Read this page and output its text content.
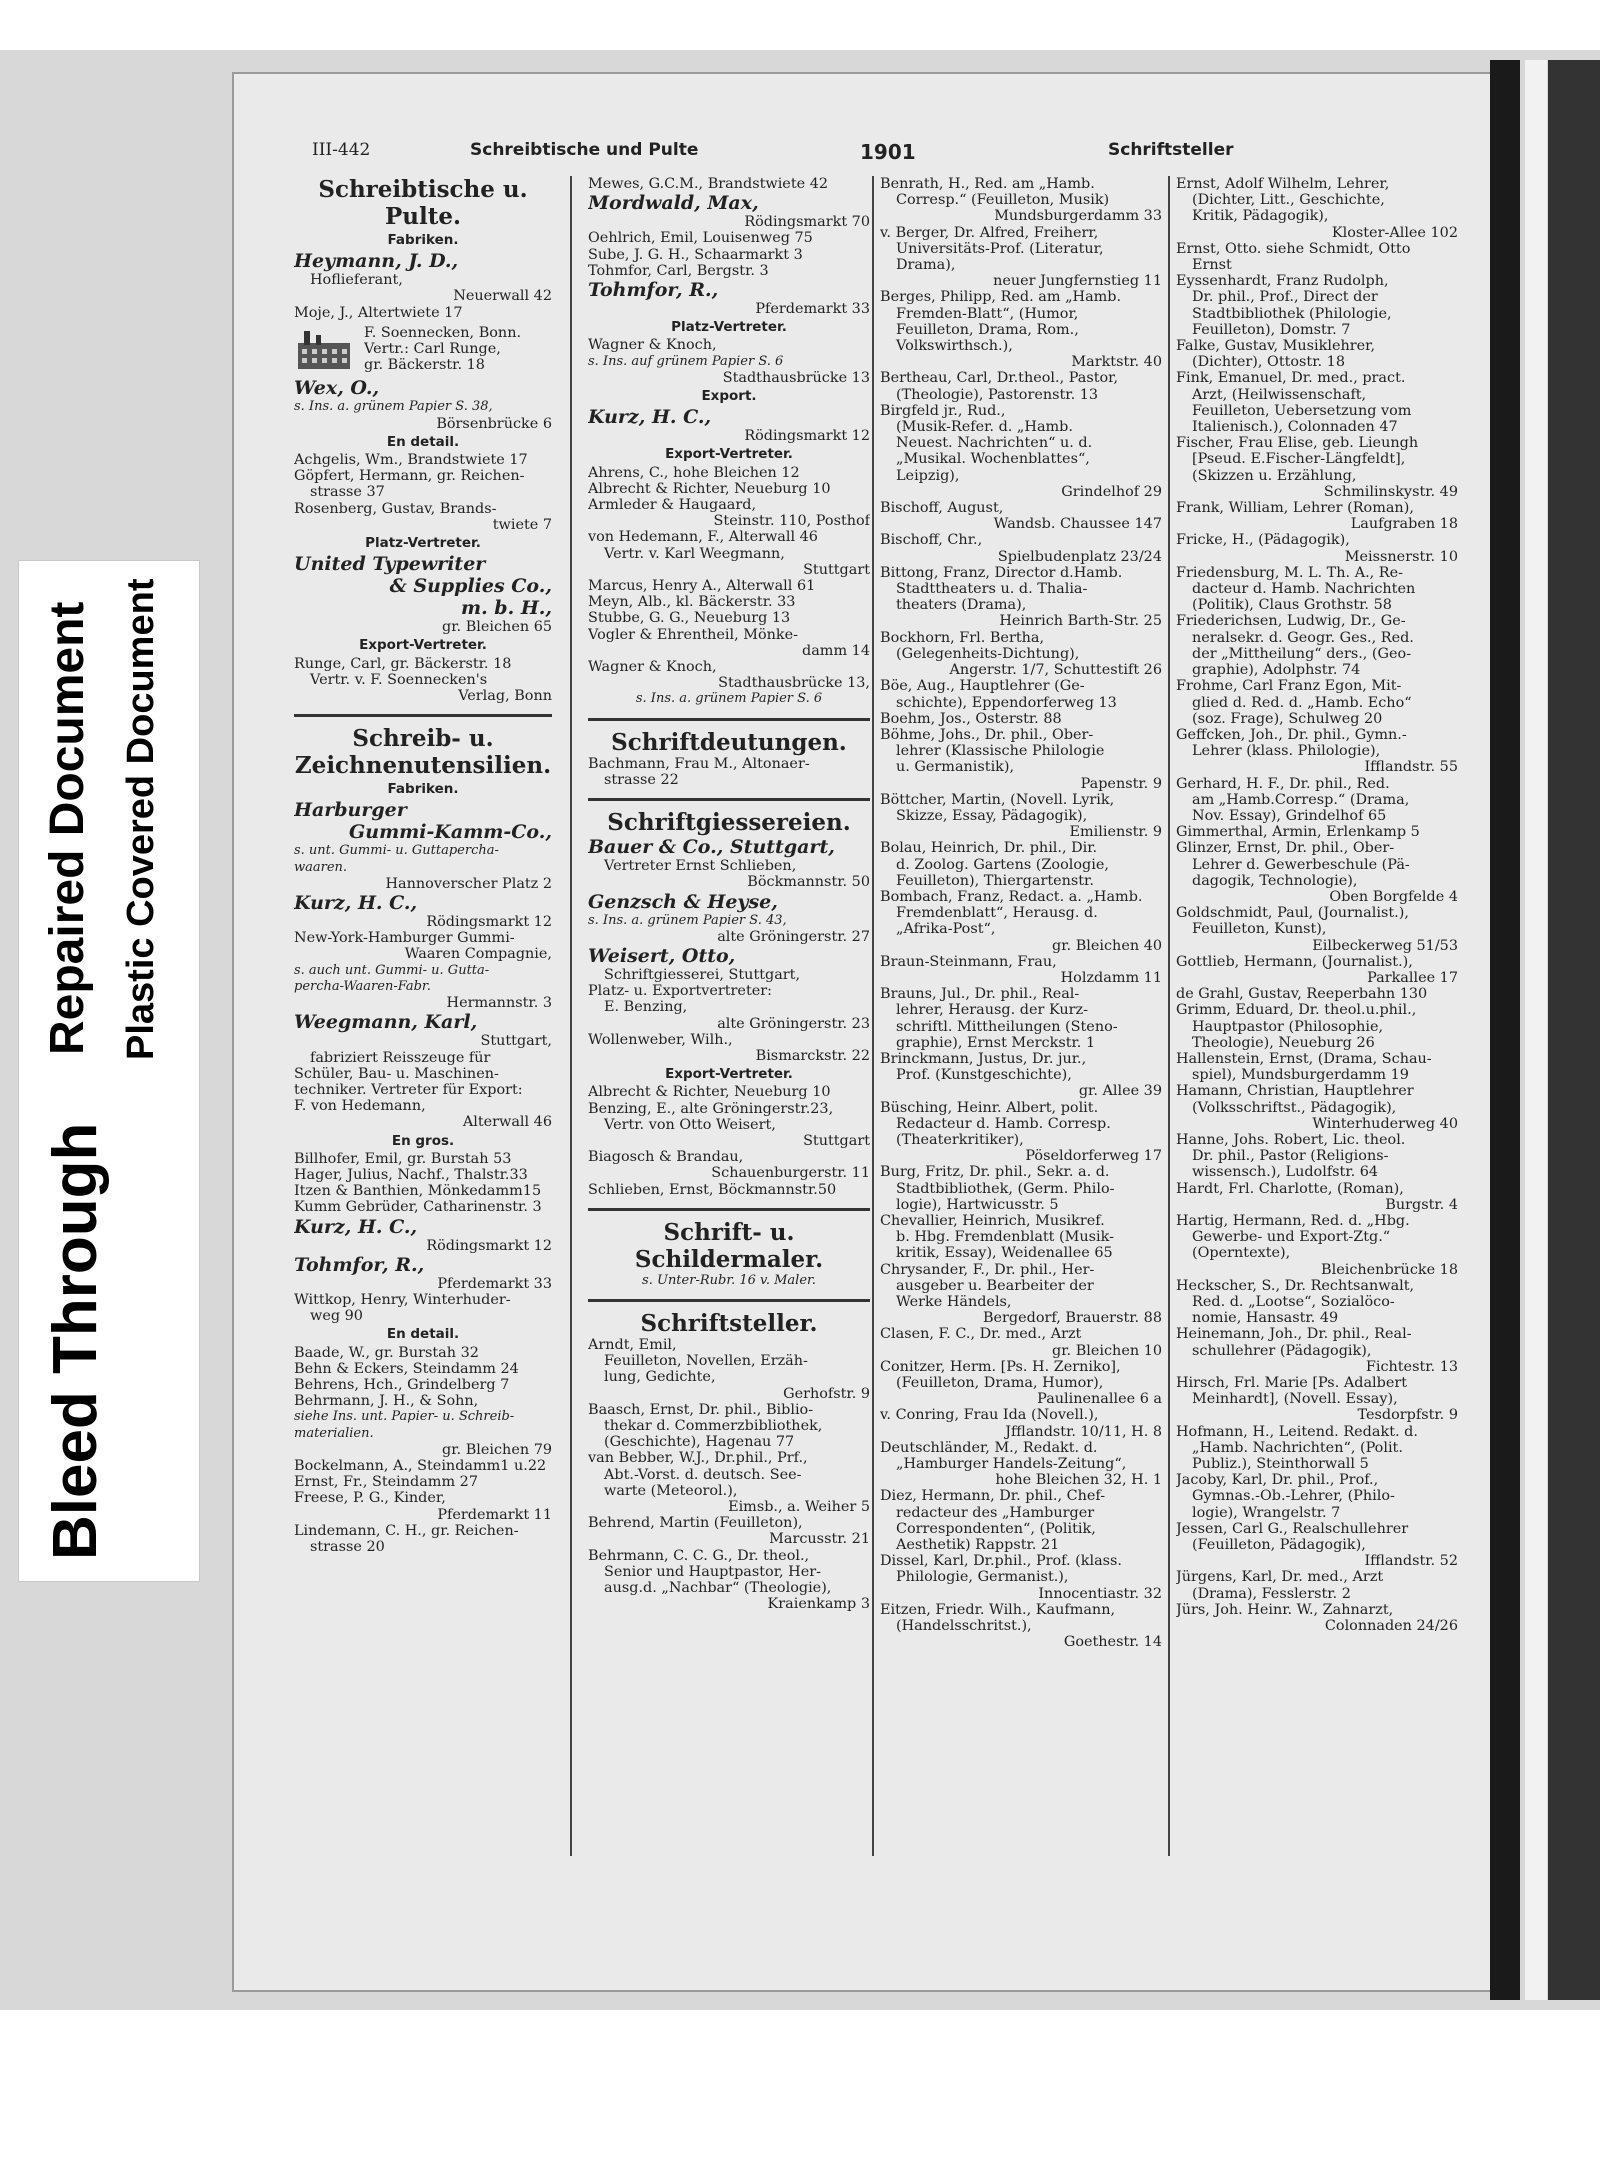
Bleed Through
Repaired Document Plastic Covered Document
III-442	Schreibtische und Pulte	1901	Schriftsteller
Schreibtische u.
Pulte.
Fabriken.
Heymann, J. D.,
Hoflieferant,
Neuerwall 42
Moje, J., Altertwiete 17
F. Soennecken, Bonn.
Vertr.: Carl Runge,
gr. Bäckerstr. 18
Wex, O.,
s. Ins. a. grünem Papier S. 38,
Börsenbrücke 6
En detail.
Achgelis, Wm., Brandstwiete 17
Göpfert, Hermann, gr. Reichen-
strasse 37
Rosenberg, Gustav, Brands-
twiete 7
Platz-Vertreter.
United Typewriter
& Supplies Co.,
m. b. H.,
gr. Bleichen 65
Export-Vertreter.
Runge, Carl, gr. Bäckerstr. 18
Vertr. v. F. Soennecken's
Verlag, Bonn
Schreib- u.
Zeichnenutensilien.
Fabriken.
Harburger
Gummi-Kamm-Co.,
s. unt. Gummi- u. Guttapercha-
waaren.
Hannoverscher Platz 2
Kurz, H. C.,
Rödingsmarkt 12
New-York-Hamburger Gummi-
Waaren Compagnie,
s. auch unt. Gummi- u. Gutta-
percha-Waaren-Fabr.
Hermannstr. 3
Weegmann, Karl,
Stuttgart,
fabriziert Reisszeuge für
Schüler, Bau- u. Maschinen-
techniker. Vertreter für Export:
F. von Hedemann,
Alterwall 46
En gros.
Billhofer, Emil, gr. Burstah 53
Hager, Julius, Nachf., Thalstr.33
Itzen & Banthien, Mönkedamm15
Kumm Gebrüder, Catharinenstr. 3
Kurz, H. C.,
Rödingsmarkt 12
Tohmfor, R.,
Pferdemarkt 33
Wittkop, Henry, Winterhuder-
weg 90
En detail.
Baade, W., gr. Burstah 32
Behn & Eckers, Steindamm 24
Behrens, Hch., Grindelberg 7
Behrmann, J. H., & Sohn,
siehe Ins. unt. Papier- u. Schreib-
materialien.
gr. Bleichen 79
Bockelmann, A., Steindamm1 u.22
Ernst, Fr., Steindamm 27
Freese, P. G., Kinder,
Pferdemarkt 11
Lindemann, C. H., gr. Reichen-
strasse 20
Mewes, G.C.M., Brandstwiete 42
Mordwald, Max,
Rödingsmarkt 70
Oehlrich, Emil, Louisenweg 75
Sube, J. G. H., Schaarmarkt 3
Tohmfor, Carl, Bergstr. 3
Tohmfor, R.,
Pferdemarkt 33
Platz-Vertreter.
Wagner & Knoch,
s. Ins. auf grünem Papier S. 6
Stadthausbrücke 13
Export.
Kurz, H. C.,
Rödingsmarkt 12
Export-Vertreter.
Ahrens, C., hohe Bleichen 12
Albrecht & Richter, Neueburg 10
Armleder & Haugaard,
Steinstr. 110, Posthof
von Hedemann, F., Alterwall 46
Vertr. v. Karl Weegmann,
Stuttgart
Marcus, Henry A., Alterwall 61
Meyn, Alb., kl. Bäckerstr. 33
Stubbe, G. G., Neueburg 13
Vogler & Ehrentheil, Mönke-
damm 14
Wagner & Knoch,
Stadthausbrücke 13,
s. Ins. a. grünem Papier S. 6
Schriftdeutungen.
Bachmann, Frau M., Altonaer-
strasse 22
Schriftgiessereien.
Bauer & Co., Stuttgart,
Vertreter Ernst Schlieben,
Böckmannstr. 50
Genzsch & Heyse,
s. Ins. a. grünem Papier S. 43,
alte Gröningerstr. 27
Weisert, Otto,
Schriftgiesserei, Stuttgart,
Platz- u. Exportvertreter:
E. Benzing,
alte Gröningerstr. 23
Wollenweber, Wilh.,
Bismarckstr. 22
Export-Vertreter.
Albrecht & Richter, Neueburg 10
Benzing, E., alte Gröningerstr.23,
Vertr. von Otto Weisert,
Stuttgart
Biagosch & Brandau,
Schauenburgerstr. 11
Schlieben, Ernst, Böckmannstr.50
Schrift- u.
Schildermaler.
s. Unter-Rubr. 16 v. Maler.
Schriftsteller.
Arndt, Emil,
Feuilleton, Novellen, Erzäh-
lung, Gedichte,
Gerhofstr. 9
Baasch, Ernst, Dr. phil., Biblio-
thekar d. Commerzbibliothek,
(Geschichte), Hagenau 77
van Bebber, W.J., Dr.phil., Prf.,
Abt.-Vorst. d. deutsch. See-
warte (Meteorol.),
Eimsb., a. Weiher 5
Behrend, Martin (Feuilleton),
Marcusstr. 21
Behrmann, C. C. G., Dr. theol.,
Senior und Hauptpastor, Her-
ausg.d. „Nachbar“ (Theologie),
Kraienkamp 3
Benrath, H., Red. am „Hamb.
Corresp.“ (Feuilleton, Musik)
Mundsburgerdamm 33
v. Berger, Dr. Alfred, Freiherr,
Universitäts-Prof. (Literatur,
Drama),
neuer Jungfernstieg 11
Berges, Philipp, Red. am „Hamb.
Fremden-Blatt“, (Humor,
Feuilleton, Drama, Rom.,
Volkswirthsch.),
Marktstr. 40
Bertheau, Carl, Dr.theol., Pastor,
(Theologie), Pastorenstr. 13
Birgfeld jr., Rud.,
(Musik-Refer. d. „Hamb.
Neuest. Nachrichten“ u. d.
„Musikal. Wochenblattes“,
Leipzig),
Grindelhof 29
Bischoff, August,
Wandsb. Chaussee 147
Bischoff, Chr.,
Spielbudenplatz 23/24
Bittong, Franz, Director d.Hamb.
Stadttheaters u. d. Thalia-
theaters (Drama),
Heinrich Barth-Str. 25
Bockhorn, Frl. Bertha,
(Gelegenheits-Dichtung),
Angerstr. 1/7, Schuttestift 26
Böe, Aug., Hauptlehrer (Ge-
schichte), Eppendorferweg 13
Boehm, Jos., Osterstr. 88
Böhme, Johs., Dr. phil., Ober-
lehrer (Klassische Philologie
u. Germanistik),
Papenstr. 9
Böttcher, Martin, (Novell. Lyrik,
Skizze, Essay, Pädagogik),
Emilienstr. 9
Bolau, Heinrich, Dr. phil., Dir.
d. Zoolog. Gartens (Zoologie,
Feuilleton), Thiergartenstr.
Bombach, Franz, Redact. a. „Hamb.
Fremdenblatt“, Herausg. d.
„Afrika-Post“,
gr. Bleichen 40
Braun-Steinmann, Frau,
Holzdamm 11
Brauns, Jul., Dr. phil., Real-
lehrer, Herausg. der Kurz-
schriftl. Mittheilungen (Steno-
graphie), Ernst Merckstr. 1
Brinckmann, Justus, Dr. jur.,
Prof. (Kunstgeschichte),
gr. Allee 39
Büsching, Heinr. Albert, polit.
Redacteur d. Hamb. Corresp.
(Theaterkritiker),
Pöseldorferweg 17
Burg, Fritz, Dr. phil., Sekr. a. d.
Stadtbibliothek, (Germ. Philo-
logie), Hartwicusstr. 5
Chevallier, Heinrich, Musikref.
b. Hbg. Fremdenblatt (Musik-
kritik, Essay), Weidenallee 65
Chrysander, F., Dr. phil., Her-
ausgeber u. Bearbeiter der
Werke Händels,
Bergedorf, Brauerstr. 88
Clasen, F. C., Dr. med., Arzt
gr. Bleichen 10
Conitzer, Herm. [Ps. H. Zerniko],
(Feuilleton, Drama, Humor),
Paulinenallee 6 a
v. Conring, Frau Ida (Novell.),
Jfflandstr. 10/11, H. 8
Deutschländer, M., Redakt. d.
„Hamburger Handels-Zeitung“,
hohe Bleichen 32, H. 1
Diez, Hermann, Dr. phil., Chef-
redacteur des „Hamburger
Correspondenten“, (Politik,
Aesthetik) Rappstr. 21
Dissel, Karl, Dr.phil., Prof. (klass.
Philologie, Germanist.),
Innocentiastr. 32
Eitzen, Friedr. Wilh., Kaufmann,
(Handelsschritst.),
Goethestr. 14
Ernst, Adolf Wilhelm, Lehrer,
(Dichter, Litt., Geschichte,
Kritik, Pädagogik),
Kloster-Allee 102
Ernst, Otto. siehe Schmidt, Otto
Ernst
Eyssenhardt, Franz Rudolph,
Dr. phil., Prof., Direct der
Stadtbibliothek (Philologie,
Feuilleton), Domstr. 7
Falke, Gustav, Musiklehrer,
(Dichter), Ottostr. 18
Fink, Emanuel, Dr. med., pract.
Arzt, (Heilwissenschaft,
Feuilleton, Uebersetzung vom
Italienisch.), Colonnaden 47
Fischer, Frau Elise, geb. Lieungh
[Pseud. E.Fischer-Längfeldt],
(Skizzen u. Erzählung,
Schmilinskystr. 49
Frank, William, Lehrer (Roman),
Laufgraben 18
Fricke, H., (Pädagogik),
Meissnerstr. 10
Friedensburg, M. L. Th. A., Re-
dacteur d. Hamb. Nachrichten
(Politik), Claus Grothstr. 58
Friederichsen, Ludwig, Dr., Ge-
neralsekr. d. Geogr. Ges., Red.
der „Mittheilung“ ders., (Geo-
graphie), Adolphstr. 74
Frohme, Carl Franz Egon, Mit-
glied d. Red. d. „Hamb. Echo“
(soz. Frage), Schulweg 20
Geffcken, Joh., Dr. phil., Gymn.-
Lehrer (klass. Philologie),
Ifflandstr. 55
Gerhard, H. F., Dr. phil., Red.
am „Hamb.Corresp.“ (Drama,
Nov. Essay), Grindelhof 65
Gimmerthal, Armin, Erlenkamp 5
Glinzer, Ernst, Dr. phil., Ober-
Lehrer d. Gewerbeschule (Pä-
dagogik, Technologie),
Oben Borgfelde 4
Goldschmidt, Paul, (Journalist.),
Feuilleton, Kunst),
Eilbeckerweg 51/53
Gottlieb, Hermann, (Journalist.),
Parkallee 17
de Grahl, Gustav, Reeperbahn 130
Grimm, Eduard, Dr. theol.u.phil.,
Hauptpastor (Philosophie,
Theologie), Neueburg 26
Hallenstein, Ernst, (Drama, Schau-
spiel), Mundsburgerdamm 19
Hamann, Christian, Hauptlehrer
(Volksschriftst., Pädagogik),
Winterhuderweg 40
Hanne, Johs. Robert, Lic. theol.
Dr. phil., Pastor (Religions-
wissensch.), Ludolfstr. 64
Hardt, Frl. Charlotte, (Roman),
Burgstr. 4
Hartig, Hermann, Red. d. „Hbg.
Gewerbe- und Export-Ztg.“
(Operntexte),
Bleichenbrücke 18
Heckscher, S., Dr. Rechtsanwalt,
Red. d. „Lootse“, Sozialöco-
nomie, Hansastr. 49
Heinemann, Joh., Dr. phil., Real-
schullehrer (Pädagogik),
Fichtestr. 13
Hirsch, Frl. Marie [Ps. Adalbert
Meinhardt], (Novell. Essay),
Tesdorpfstr. 9
Hofmann, H., Leitend. Redakt. d.
„Hamb. Nachrichten“, (Polit.
Publiz.), Steinthorwall 5
Jacoby, Karl, Dr. phil., Prof.,
Gymnas.-Ob.-Lehrer, (Philo-
logie), Wrangelstr. 7
Jessen, Carl G., Realschullehrer
(Feuilleton, Pädagogik),
Ifflandstr. 52
Jürgens, Karl, Dr. med., Arzt
(Drama), Fesslerstr. 2
Jürs, Joh. Heinr. W., Zahnarzt,
Colonnaden 24/26
